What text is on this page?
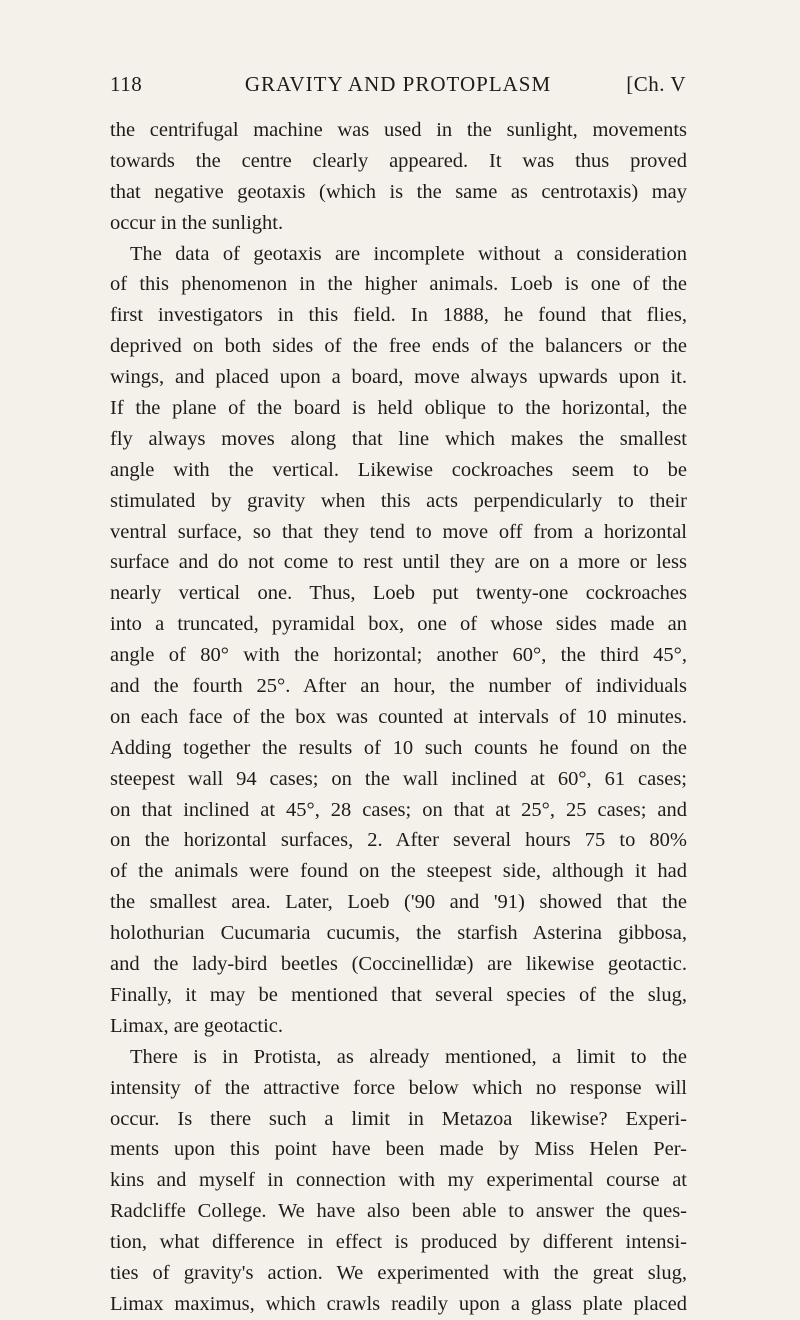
118	GRAVITY AND PROTOPLASM	[Ch. V
the centrifugal machine was used in the sunlight, movements
towards the centre clearly appeared. It was thus proved
that negative geotaxis (which is the same as centrotaxis) may
occur in the sunlight.
The data of geotaxis are incomplete without a consideration
of this phenomenon in the higher animals. Loeb is one of the
first investigators in this field. In 1888, he found that flies,
deprived on both sides of the free ends of the balancers or the
wings, and placed upon a board, move always upwards upon it.
If the plane of the board is held oblique to the horizontal, the
fly always moves along that line which makes the smallest
angle with the vertical. Likewise cockroaches seem to be
stimulated by gravity when this acts perpendicularly to their
ventral surface, so that they tend to move off from a horizontal
surface and do not come to rest until they are on a more or less
nearly vertical one. Thus, Loeb put twenty-one cockroaches
into a truncated, pyramidal box, one of whose sides made an
angle of 80° with the horizontal; another 60°, the third 45°,
and the fourth 25°. After an hour, the number of individuals
on each face of the box was counted at intervals of 10 minutes.
Adding together the results of 10 such counts he found on the
steepest wall 94 cases; on the wall inclined at 60°, 61 cases;
on that inclined at 45°, 28 cases; on that at 25°, 25 cases; and
on the horizontal surfaces, 2. After several hours 75 to 80%
of the animals were found on the steepest side, although it had
the smallest area. Later, Loeb ('90 and '91) showed that the
holothurian Cucumaria cucumis, the starfish Asterina gibbosa,
and the lady-bird beetles (Coccinellidæ) are likewise geotactic.
Finally, it may be mentioned that several species of the slug,
Limax, are geotactic.
There is in Protista, as already mentioned, a limit to the
intensity of the attractive force below which no response will
occur. Is there such a limit in Metazoa likewise? Experi-
ments upon this point have been made by Miss Helen Per-
kins and myself in connection with my experimental course at
Radcliffe College. We have also been able to answer the ques-
tion, what difference in effect is produced by different intensi-
ties of gravity's action. We experimented with the great slug,
Limax maximus, which crawls readily upon a glass plate placed
